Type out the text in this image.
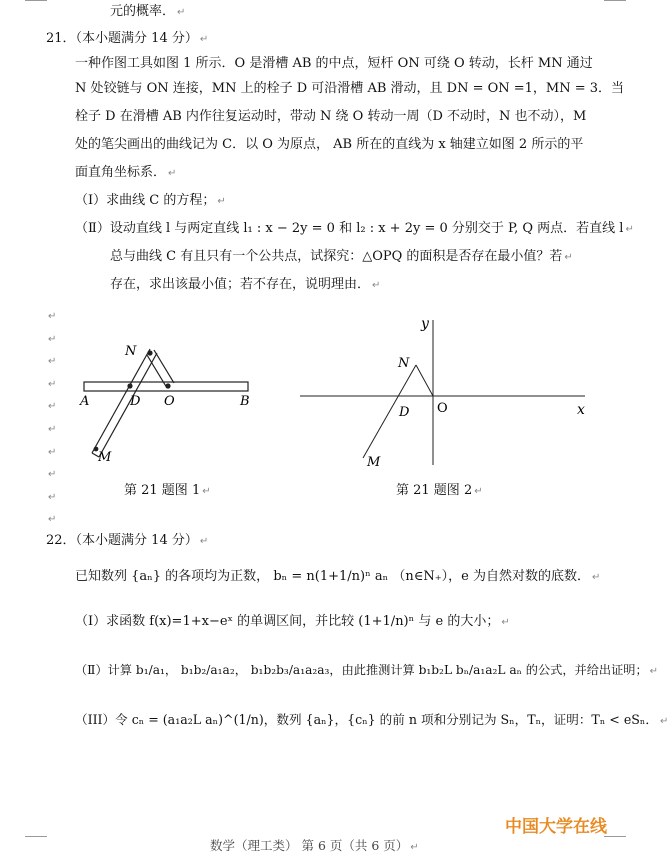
元的概率． ↵
21．（本小题满分 14 分） ↵
一种作图工具如图 1 所示．O 是滑槽 AB 的中点，短杆 ON 可绕 O 转动，长杆 MN 通过
N 处铰链与 ON 连接，MN 上的栓子 D 可沿滑槽 AB 滑动，且 DN = ON =1，MN = 3．当
栓子 D 在滑槽 AB 内作往复运动时，带动 N 绕 O 转动一周（D 不动时，N 也不动），M
处的笔尖画出的曲线记为 C．以 O 为原点， AB 所在的直线为 x 轴建立如图 2 所示的平
面直角坐标系． ↵
（Ⅰ）求曲线 C 的方程； ↵
（Ⅱ）设动直线 l 与两定直线 l₁ : x − 2y = 0 和 l₂ : x + 2y = 0 分别交于 P, Q 两点．若直线 l ↵
总与曲线 C 有且只有一个公共点，试探究：△OPQ 的面积是否存在最小值？若 ↵
存在，求出该最小值；若不存在，说明理由． ↵
↵
↵
↵
↵
↵
↵
↵
↵
↵
↵
N
A	D O	B
M
第 21 题图 1 ↵
y
N
D O	x
M
第 21 题图 2 ↵
22．（本小题满分 14 分） ↵
已知数列 {aₙ} 的各项均为正数， bₙ = n(1+1/n)ⁿ aₙ （n∈N₊），e 为自然对数的底数． ↵
（Ⅰ）求函数 f(x)=1+x−eˣ 的单调区间，并比较 (1+1/n)ⁿ 与 e 的大小； ↵
（Ⅱ）计算 b₁/a₁， b₁b₂/a₁a₂， b₁b₂b₃/a₁a₂a₃，由此推测计算 b₁b₂L bₙ/a₁a₂L aₙ 的公式，并给出证明； ↵
（III）令 cₙ = (a₁a₂L aₙ)^(1/n)，数列 {aₙ}，{cₙ} 的前 n 项和分别记为 Sₙ，Tₙ，证明：Tₙ < eSₙ． ↵
中国大学在线
数学（理工类） 第 6 页（共 6 页） ↵
